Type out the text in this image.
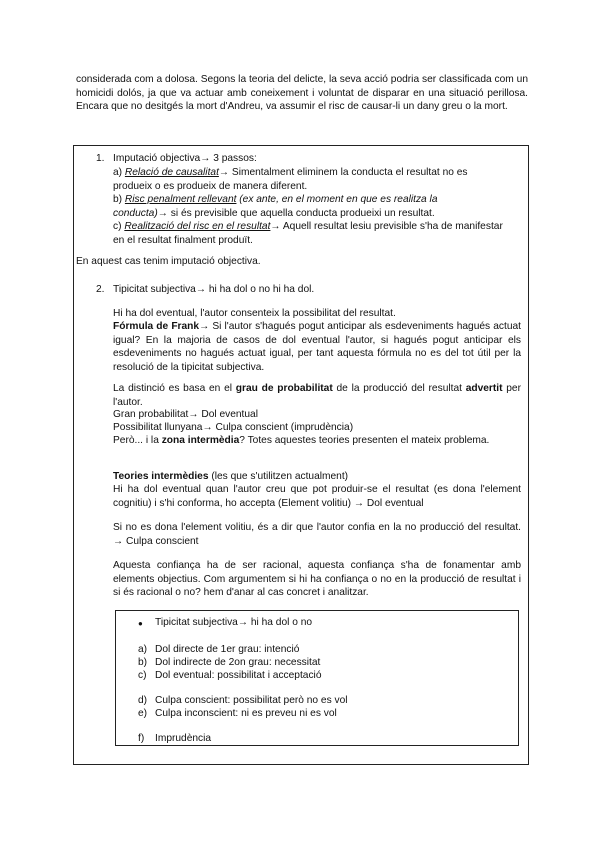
considerada com a dolosa. Segons la teoria del delicte, la seva acció podria ser classificada com un homicidi dolós, ja que va actuar amb coneixement i voluntat de disparar en una situació perillosa. Encara que no desitgés la mort d'Andreu, va assumir el risc de causar-li un dany greu o la mort.
1. Imputació objectiva→ 3 passos:
a) Relació de causalitat→ Simentalment eliminem la conducta el resultat no es produeix o es produeix de manera diferent.
b) Risc penalment rellevant (ex ante, en el moment en que es realitza la conducta)→ si és previsible que aquella conducta produeixi un resultat.
c) Realització del risc en el resultat→ Aquell resultat lesiu previsible s'ha de manifestar en el resultat finalment produït.
En aquest cas tenim imputació objectiva.
2. Tipicitat subjectiva→ hi ha dol o no hi ha dol.
Hi ha dol eventual, l'autor consenteix la possibilitat del resultat.
Fórmula de Frank→ Si l'autor s'hagués pogut anticipar als esdeveniments hagués actuat igual? En la majoria de casos de dol eventual l'autor, si hagués pogut anticipar els esdeveniments no hagués actuat igual, per tant aquesta fórmula no es del tot útil per la resolució de la tipicitat subjectiva.
La distinció es basa en el grau de probabilitat de la producció del resultat advertit per l'autor.
Gran probabilitat→ Dol eventual
Possibilitat llunyana→ Culpa conscient (imprudència)
Però... i la zona intermèdia? Totes aquestes teories presenten el mateix problema.
Teories intermèdies (les que s'utilitzen actualment)
Hi ha dol eventual quan l'autor creu que pot produir-se el resultat (es dona l'element cognitiu) i s'hi conforma, ho accepta (Element volitiu) → Dol eventual
Si no es dona l'element volitiu, és a dir que l'autor confia en la no producció del resultat. → Culpa conscient
Aquesta confiança ha de ser racional, aquesta confiança s'ha de fonamentar amb elements objectius. Com argumentem si hi ha confiança o no en la producció de resultat i si és racional o no? hem d'anar al cas concret i analitzar.
● Tipicitat subjectiva→ hi ha dol o no
a) Dol directe de 1er grau: intenció
b) Dol indirecte de 2on grau: necessitat
c) Dol eventual: possibilitat i acceptació
d) Culpa conscient: possibilitat però no es vol
e) Culpa inconscient: ni es preveu ni es vol
f) Imprudència
